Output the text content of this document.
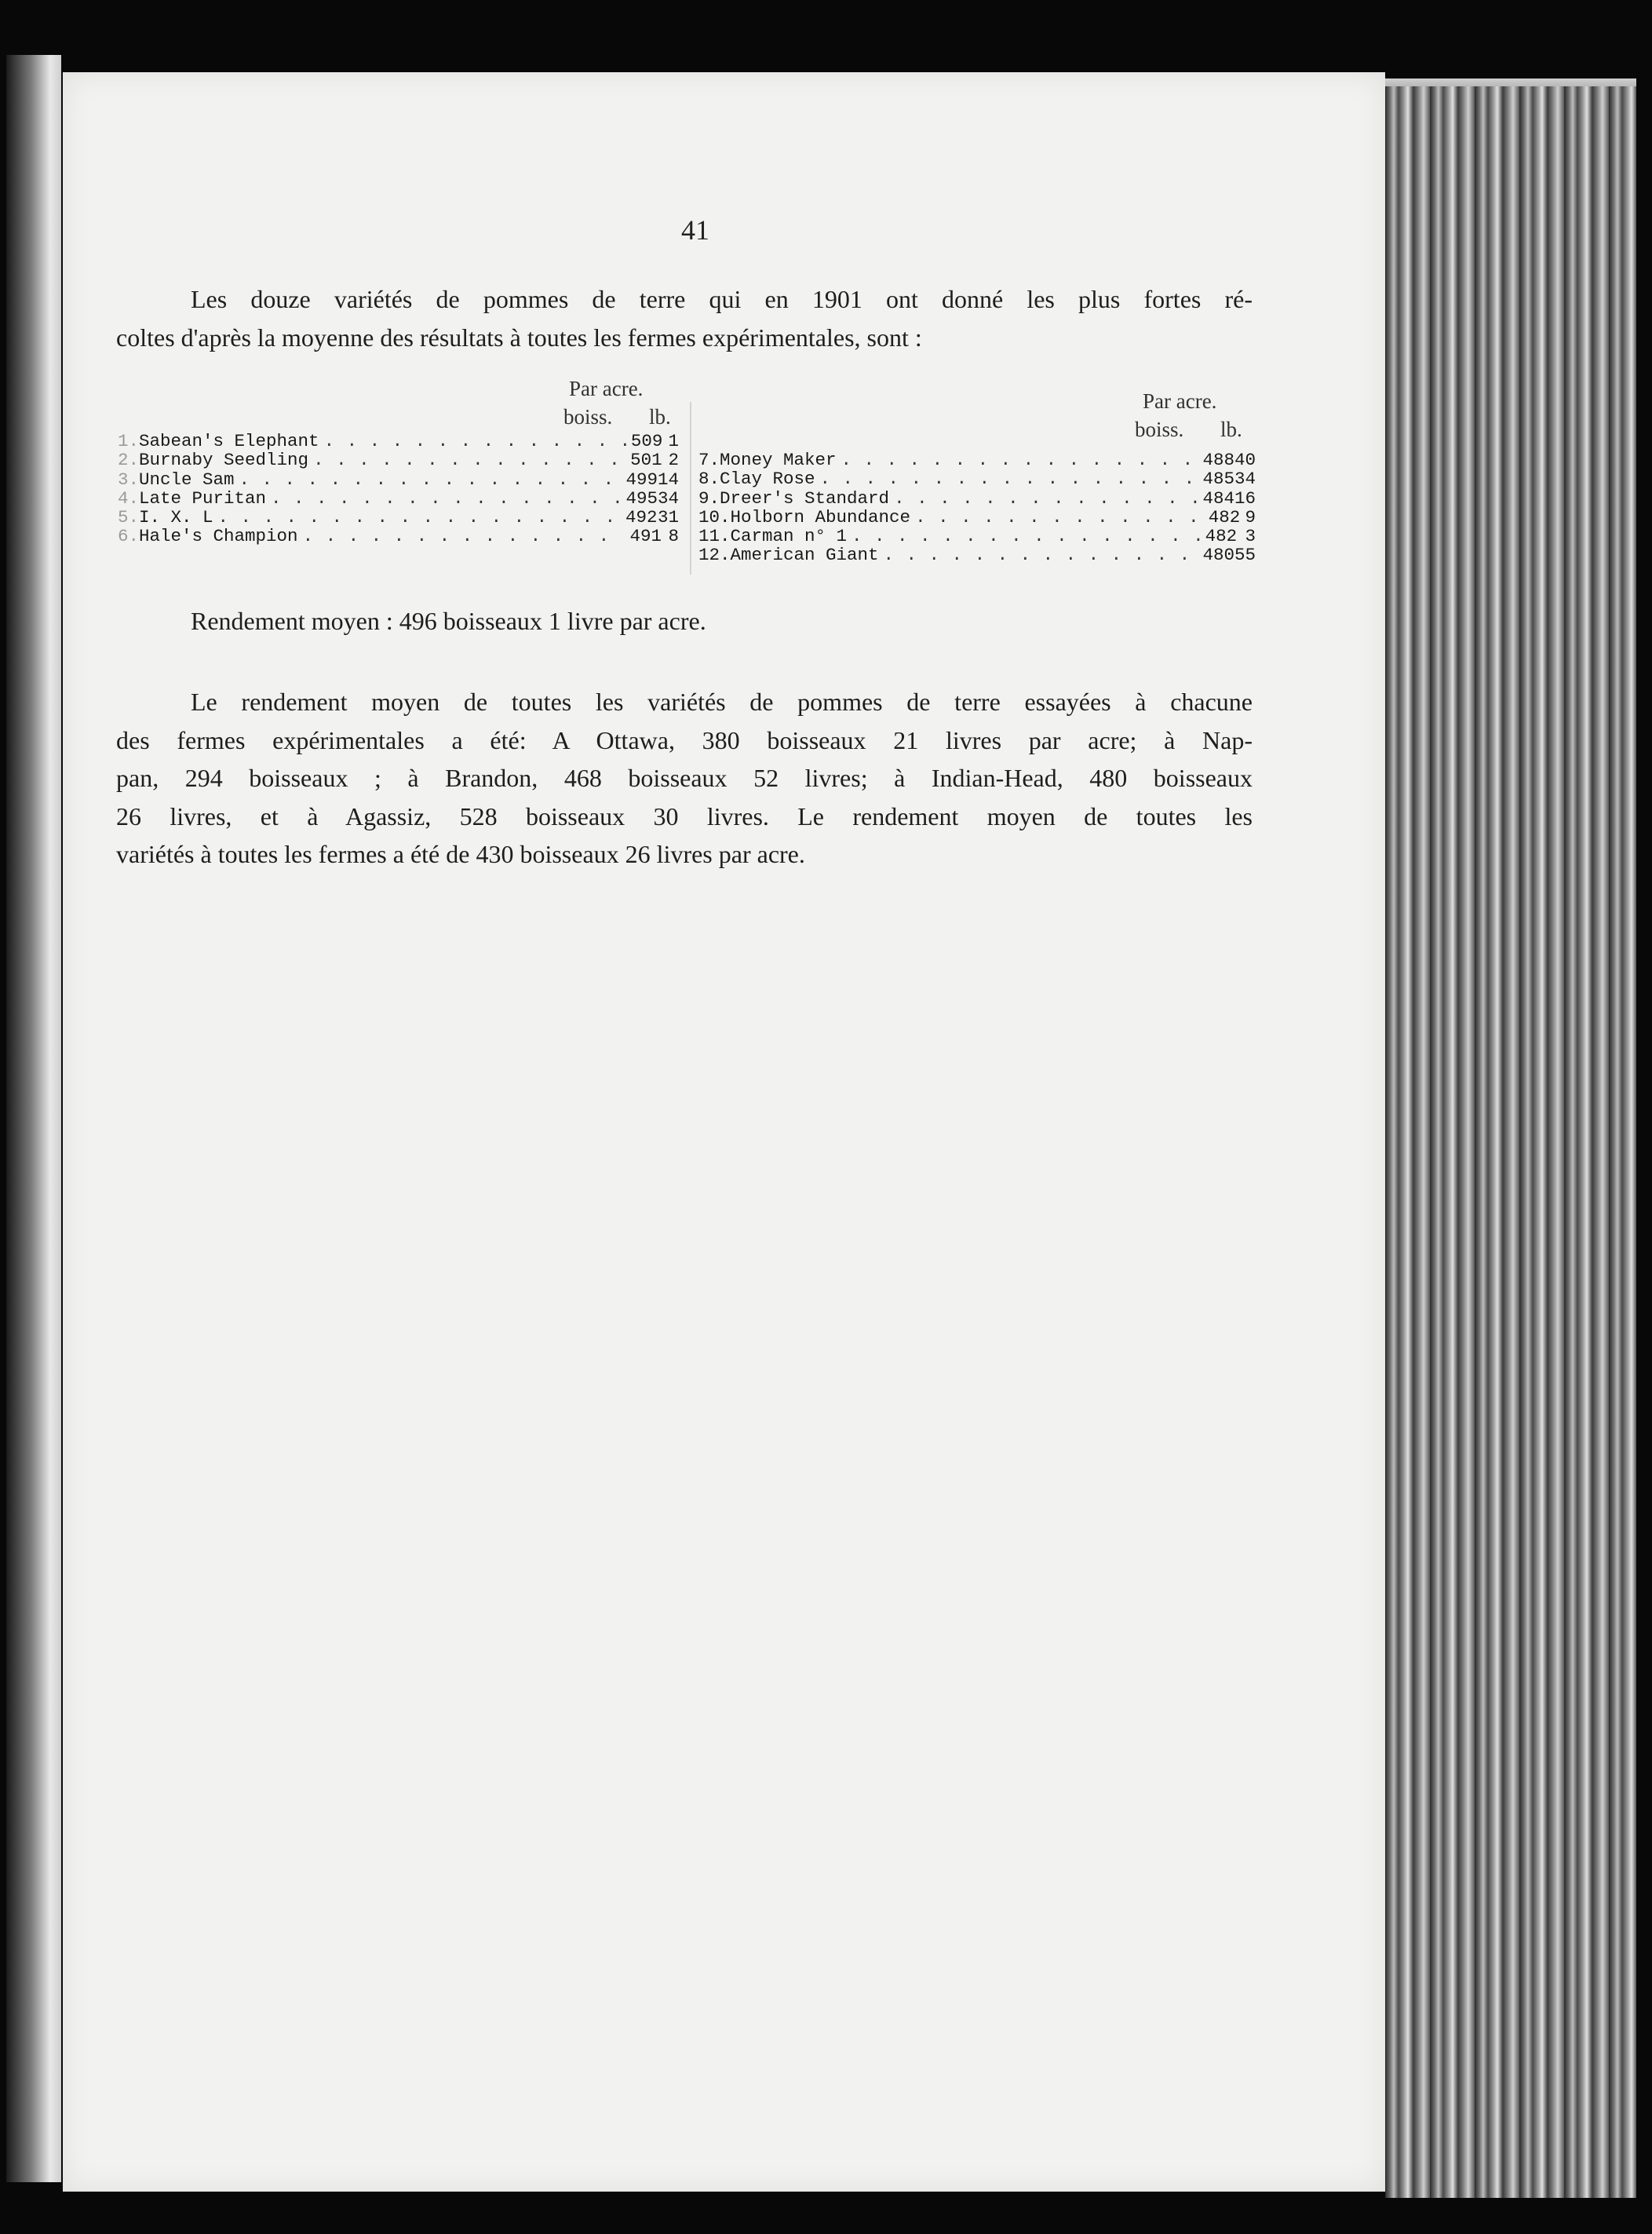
41
Les douze variétés de pommes de terre qui en 1901 ont donné les plus fortes ré-
coltes d'après la moyenne des résultats à toutes les fermes expérimentales, sont :
Par acre.
boiss. lb.
1. Sabean's Elephant . . .	509 1
2. Burnaby Seedling . . .	501 2
3. Uncle Sam . . .	499 14
4. Late Puritan . . .	495 34
5. I. X. L . . .	492 31
6. Hale's Champion . . .	491 8
Par acre.
boiss. lb.
7. Money Maker . . .	488 40
8. Clay Rose . . .	485 34
9. Dreer's Standard . . .	484 16
10. Holborn Abundance . . .	482 9
11. Carman n° 1 . . .	482 3
12. American Giant . . .	480 55
Rendement moyen : 496 boisseaux 1 livre par acre.
Le rendement moyen de toutes les variétés de pommes de terre essayées à chacune
des fermes expérimentales a été: A Ottawa, 380 boisseaux 21 livres par acre; à Nap-
pan, 294 boisseaux ; à Brandon, 468 boisseaux 52 livres; à Indian-Head, 480 boisseaux
26 livres, et à Agassiz, 528 boisseaux 30 livres. Le rendement moyen de toutes les
variétés à toutes les fermes a été de 430 boisseaux 26 livres par acre.
